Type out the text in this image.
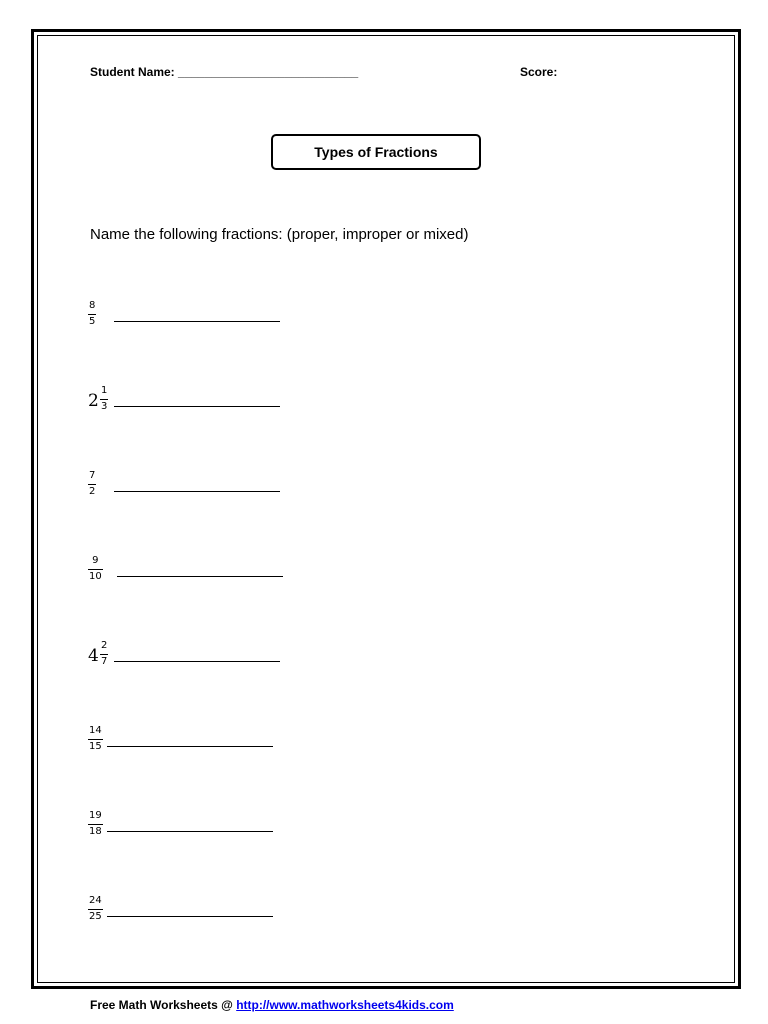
Student Name: ___________________________	Score:
Types of Fractions
Name the following fractions: (proper, improper or mixed)
8
5
2
1
3
7
2
9
10
4
2
7
14
15
19
18
24
25
Free Math Worksheets @ http://www.mathworksheets4kids.com
